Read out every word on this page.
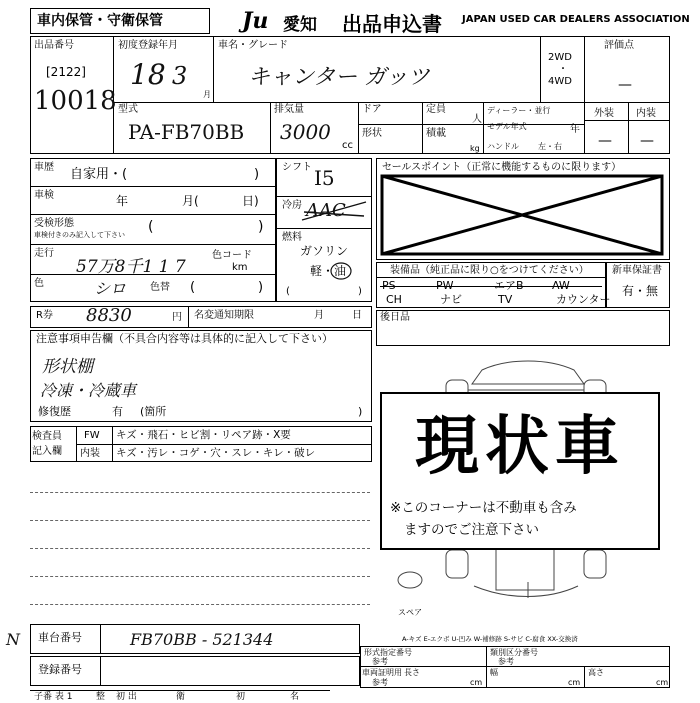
車内保管・守衛保管	Ju 愛知 出品申込書 JAPAN USED CAR DEALERS ASSOCIATION
出品番号
[2122]
10018
初度登録年月
18 3
月
車名・グレード
キャンター ガッツ
2WD
・
4WD
評価点
—
外装 内装
— —
型式
PA-FB70BB
排気量
3000
cc
ドア	定員
人
ディーラー・並行
モデル年式	年
ハンドル 左・右
形状	積載
kg
車歴 自家用・(	)
車検	年	月(	日)
受検形態
車検付きのみ記入して下さい (	)
走行
57万8千1 1 7	km
色	シロ 色替 (	)
シフト I5
冷房 AAC
燃料
ガソリン
軽・油
(	)
色コード
セールスポイント（正常に機能するものに限ります）
装備品（純正品に限り○をつけてください）
PS	PW	エアB	AW
CH	ナビ	TV	カウンター
新車保証書
有・無
後日品
R券 8830	円 名変通知期限	月	日
注意事項申告欄（不具合内容等は具体的に記入して下さい）
形状棚
冷凍・冷蔵車
修復歴	有 (箇所	)
検査員
記入欄
FW キズ・飛石・ヒビ割・リペア跡・X要
内装 キズ・汚レ・コゲ・穴・スレ・キレ・破レ
スペア
現状車
※このコーナーは不動車も含み
ますのでご注意下さい
A-キズ E-エクボ U-凹み W-補修跡 S-サビ C-腐食 XX-交換済
車台番号	FB70BB - 521344
N
登録番号
形式指定番号
参考
類別区分番号
参考
車両証明用 長さ
参考	cm
幅
cm
高さ
cm
子番 表 1	整 初 出	衛	初	名
